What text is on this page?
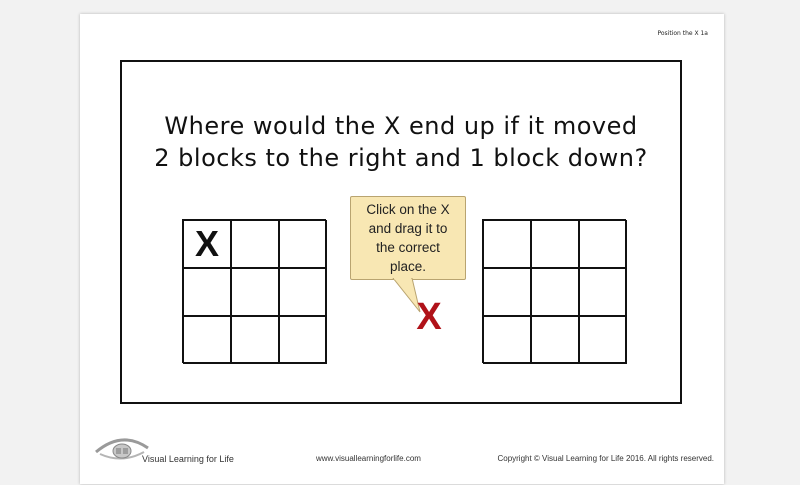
Position the X 1a
Where would the X end up if it moved
2 blocks to the right and 1 block down?
X
Click on the X
and drag it to
the correct
place.
X
Visual Learning for Life	www.visuallearningforlife.com	Copyright © Visual Learning for Life 2016. All rights reserved.
